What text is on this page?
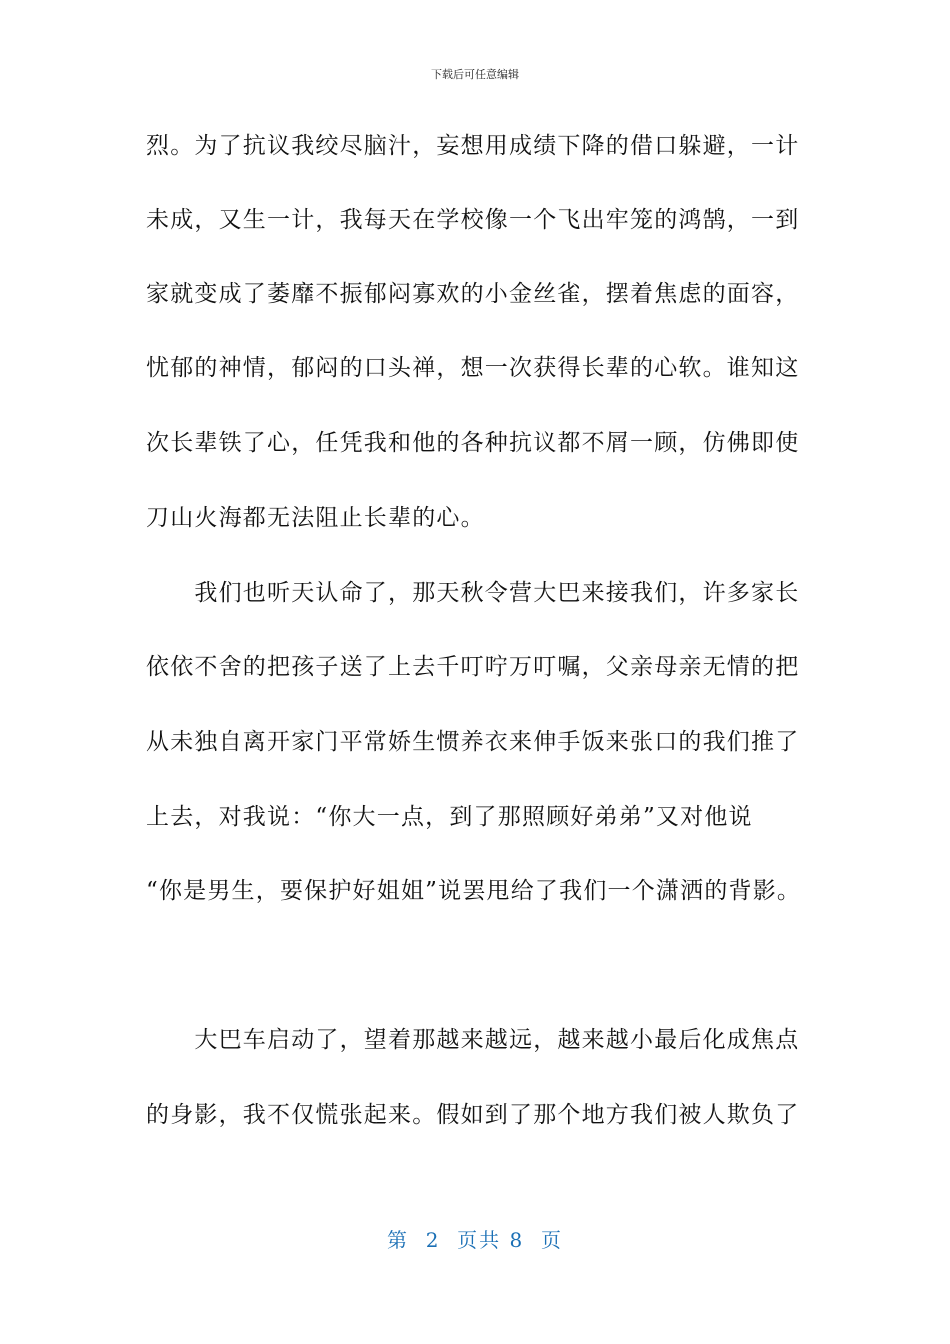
下载后可任意编辑
烈。为了抗议我绞尽脑汁，妄想用成绩下降的借口躲避，一计
未成，又生一计，我每天在学校像一个飞出牢笼的鸿鹄，一到
家就变成了萎靡不振郁闷寡欢的小金丝雀，摆着焦虑的面容，
忧郁的神情，郁闷的口头禅，想一次获得长辈的心软。谁知这
次长辈铁了心，任凭我和他的各种抗议都不屑一顾，仿佛即使
刀山火海都无法阻止长辈的心。
　　我们也听天认命了，那天秋令营大巴来接我们，许多家长
依依不舍的把孩子送了上去千叮咛万叮嘱，父亲母亲无情的把
从未独自离开家门平常娇生惯养衣来伸手饭来张口的我们推了
上去，对我说：“你大一点，到了那照顾好弟弟”又对他说
“你是男生，要保护好姐姐”说罢甩给了我们一个潇洒的背影。
　　大巴车启动了，望着那越来越远，越来越小最后化成焦点
的身影，我不仅慌张起来。假如到了那个地方我们被人欺负了
第  2  页共 8  页
